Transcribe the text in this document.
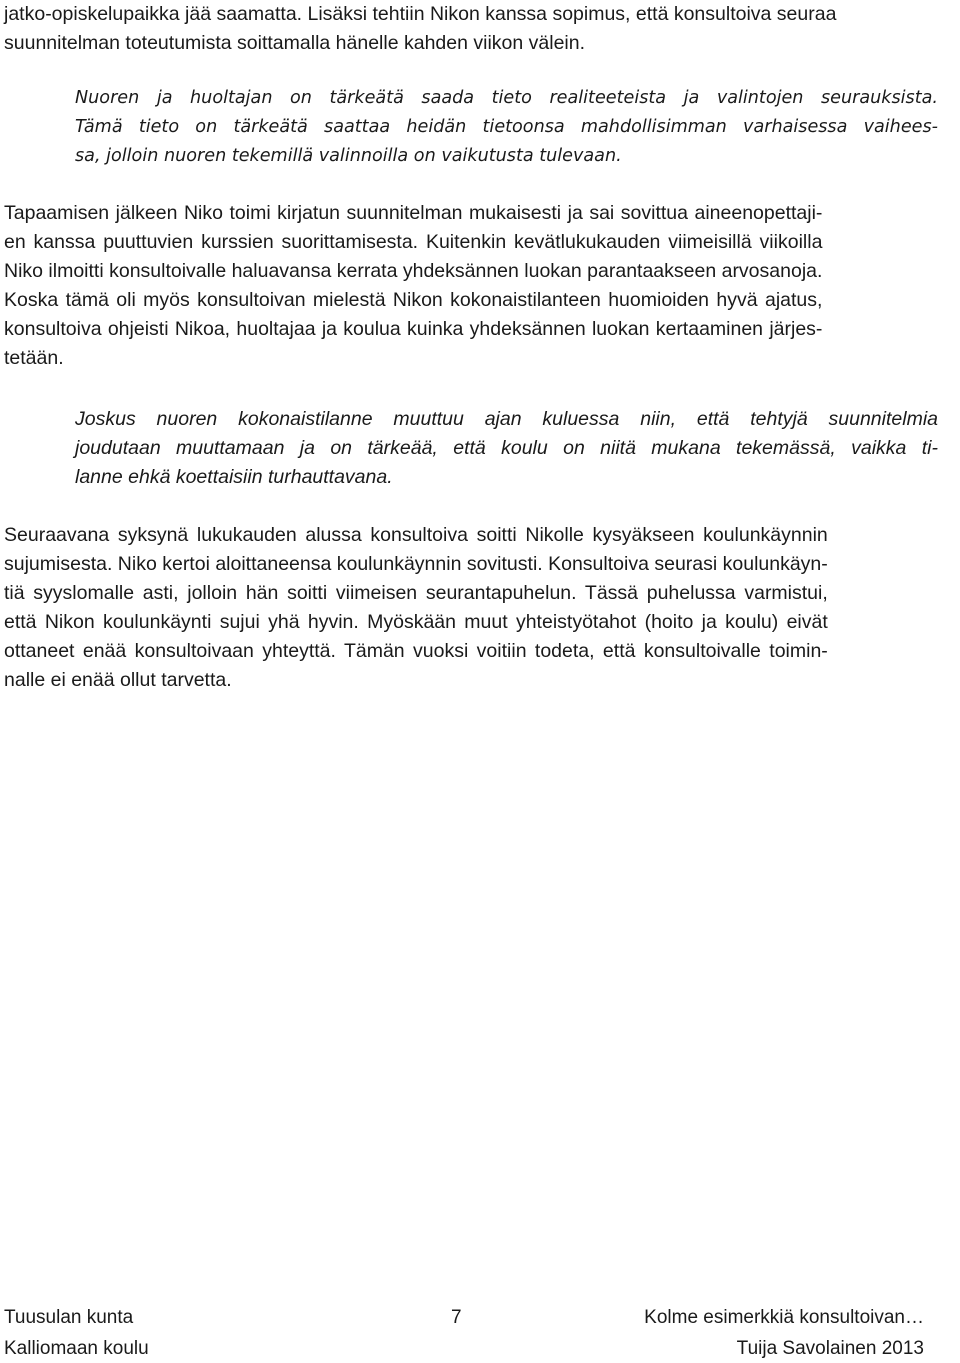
jatko-opiskelupaikka jää saamatta. Lisäksi tehtiin Nikon kanssa sopimus, että konsultoiva seuraa
suunnitelman toteutumista soittamalla hänelle kahden viikon välein.
Nuoren ja huoltajan on tärkeätä saada tieto realiteeteista ja valintojen seurauksista.
Tämä tieto on tärkeätä saattaa heidän tietoonsa mahdollisimman varhaisessa vaihees-
sa, jolloin nuoren tekemillä valinnoilla on vaikutusta tulevaan.
Tapaamisen jälkeen Niko toimi kirjatun suunnitelman mukaisesti ja sai sovittua aineenopettaji-
en kanssa puuttuvien kurssien suorittamisesta. Kuitenkin kevätlukukauden viimeisillä viikoilla
Niko ilmoitti konsultoivalle haluavansa kerrata yhdeksännen luokan parantaakseen arvosanoja.
Koska tämä oli myös konsultoivan mielestä Nikon kokonaistilanteen huomioiden hyvä ajatus,
konsultoiva ohjeisti Nikoa, huoltajaa ja koulua kuinka yhdeksännen luokan kertaaminen järjes-
tetään.
Joskus nuoren kokonaistilanne muuttuu ajan kuluessa niin, että tehtyjä suunnitelmia
joudutaan muuttamaan ja on tärkeää, että koulu on niitä mukana tekemässä, vaikka ti-
lanne ehkä koettaisiin turhauttavana.
Seuraavana syksynä lukukauden alussa konsultoiva soitti Nikolle kysyäkseen koulunkäynnin
sujumisesta. Niko kertoi aloittaneensa koulunkäynnin sovitusti. Konsultoiva seurasi koulunkäyn-
tiä syyslomalle asti, jolloin hän soitti viimeisen seurantapuhelun. Tässä puhelussa varmistui,
että Nikon koulunkäynti sujui yhä hyvin. Myöskään muut yhteistyötahot (hoito ja koulu) eivät
ottaneet enää konsultoivaan yhteyttä. Tämän vuoksi voitiin todeta, että konsultoivalle toimin-
nalle ei enää ollut tarvetta.
Tuusulan kunta	7	Kolme esimerkkiä konsultoivan…
Kalliomaan koulu	Tuija Savolainen 2013
